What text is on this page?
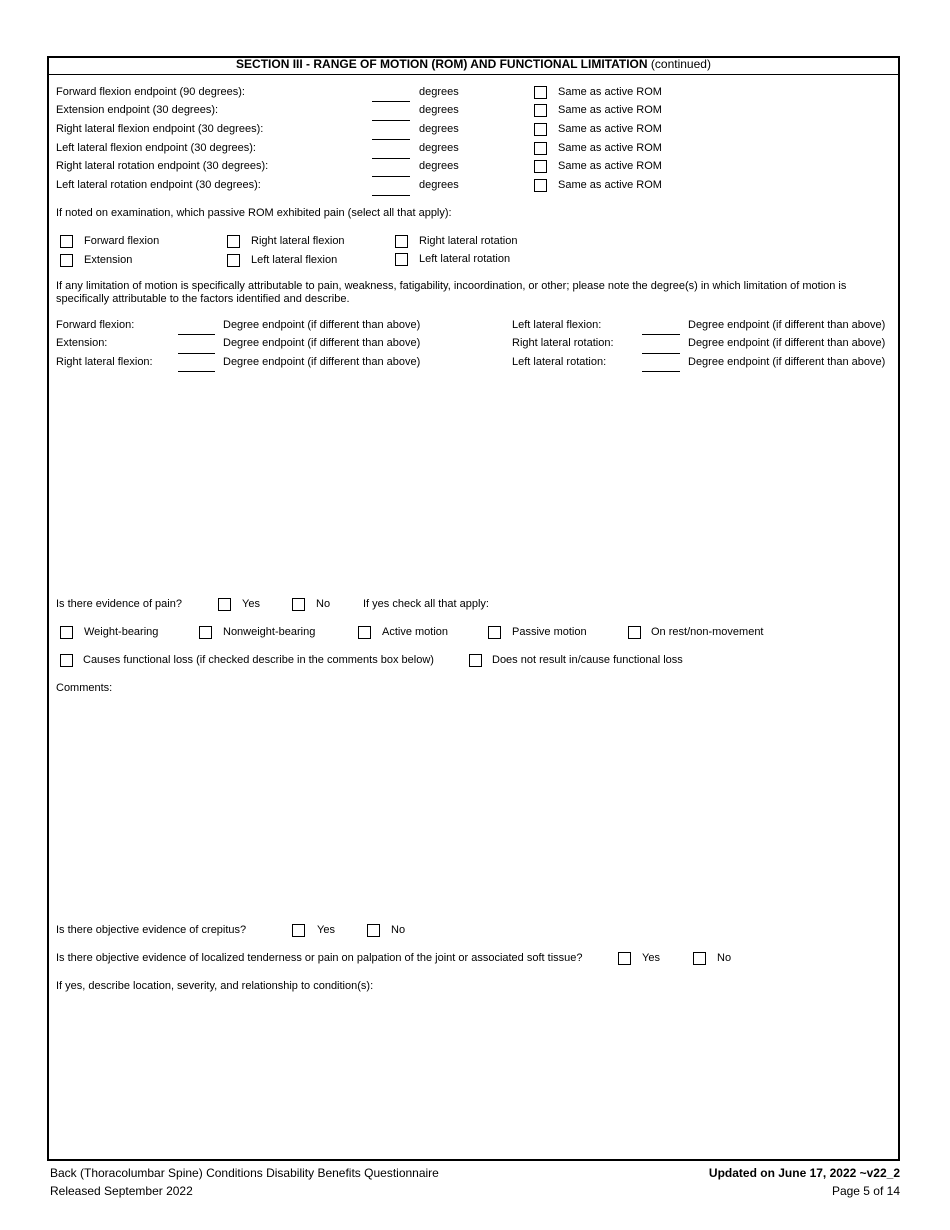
SECTION III - RANGE OF MOTION (ROM) AND FUNCTIONAL LIMITATION (continued)
Forward flexion endpoint (90 degrees):	degrees	Same as active ROM
Extension endpoint (30 degrees):	degrees	Same as active ROM
Right lateral flexion endpoint (30 degrees):	degrees	Same as active ROM
Left lateral flexion endpoint (30 degrees):	degrees	Same as active ROM
Right lateral rotation endpoint (30 degrees):	degrees	Same as active ROM
Left lateral rotation endpoint (30 degrees):	degrees	Same as active ROM
If noted on examination, which passive ROM exhibited pain (select all that apply):
Forward flexion	Right lateral flexion	Right lateral rotation
Extension	Left lateral flexion	Left lateral rotation
If any limitation of motion is specifically attributable to pain, weakness, fatigability, incoordination, or other; please note the degree(s) in which limitation of motion is specifically attributable to the factors identified and describe.
Forward flexion:	Degree endpoint (if different than above)
Extension:	Degree endpoint (if different than above)
Right lateral flexion:	Degree endpoint (if different than above)
Left lateral flexion:	Degree endpoint (if different than above)
Right lateral rotation:	Degree endpoint (if different than above)
Left lateral rotation:	Degree endpoint (if different than above)
Is there evidence of pain?	Yes	No	If yes check all that apply:
Weight-bearing	Nonweight-bearing	Active motion	Passive motion	On rest/non-movement
Causes functional loss (if checked describe in the comments box below)	Does not result in/cause functional loss
Comments:
Is there objective evidence of crepitus?	Yes	No
Is there objective evidence of localized tenderness or pain on palpation of the joint or associated soft tissue?	Yes	No
If yes, describe location, severity, and relationship to condition(s):
Back (Thoracolumbar Spine) Conditions Disability Benefits Questionnaire
Released September 2022
Updated on June 17, 2022 ~v22_2
Page 5 of 14
